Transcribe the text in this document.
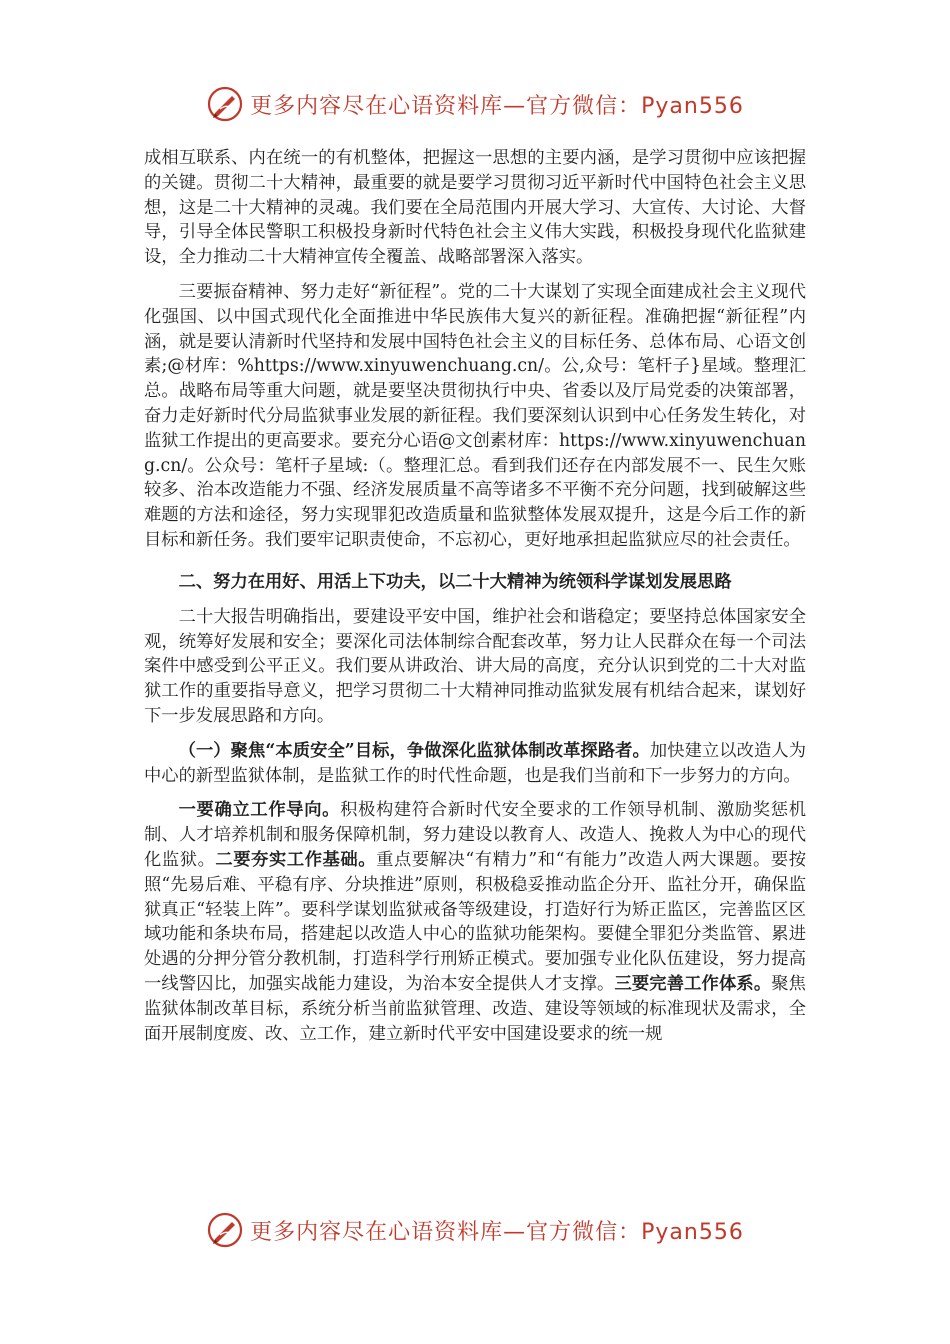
更多内容尽在心语资料库—官方微信：Pyan556

成相互联系、内在统一的有机整体，把握这一思想的主要内涵，是学习贯彻中应该把握的关键。贯彻二十大精神，最重要的就是要学习贯彻习近平新时代中国特色社会主义思想，这是二十大精神的灵魂。我们要在全局范围内开展大学习、大宣传、大讨论、大督导，引导全体民警职工积极投身新时代特色社会主义伟大实践，积极投身现代化监狱建设，全力推动二十大精神宣传全覆盖、战略部署深入落实。

三要振奋精神、努力走好“新征程”。党的二十大谋划了实现全面建成社会主义现代化强国、以中国式现代化全面推进中华民族伟大复兴的新征程。准确把握“新征程”内涵，就是要认清新时代坚持和发展中国特色社会主义的目标任务、总体布局、心语文创素;@材库：%https://www.xinyuwenchuang.cn/。公,众号：笔杆子}星域。整理汇总。战略布局等重大问题，就是要坚决贯彻执行中央、省委以及厅局党委的决策部署，奋力走好新时代分局监狱事业发展的新征程。我们要深刻认识到中心任务发生转化，对监狱工作提出的更高要求。要充分心语@文创素材库：https://www.xinyuwenchuang.cn/。公众号：笔杆子星域:（。整理汇总。看到我们还存在内部发展不一、民生欠账较多、治本改造能力不强、经济发展质量不高等诸多不平衡不充分问题，找到破解这些难题的方法和途径，努力实现罪犯改造质量和监狱整体发展双提升，这是今后工作的新目标和新任务。我们要牢记职责使命，不忘初心，更好地承担起监狱应尽的社会责任。

二、努力在用好、用活上下功夫，以二十大精神为统领科学谋划发展思路

二十大报告明确指出，要建设平安中国，维护社会和谐稳定；要坚持总体国家安全观，统筹好发展和安全；要深化司法体制综合配套改革，努力让人民群众在每一个司法案件中感受到公平正义。我们要从讲政治、讲大局的高度，充分认识到党的二十大对监狱工作的重要指导意义，把学习贯彻二十大精神同推动监狱发展有机结合起来，谋划好下一步发展思路和方向。

（一）聚焦“本质安全”目标，争做深化监狱体制改革探路者。加快建立以改造人为中心的新型监狱体制，是监狱工作的时代性命题，也是我们当前和下一步努力的方向。

一要确立工作导向。积极构建符合新时代安全要求的工作领导机制、激励奖惩机制、人才培养机制和服务保障机制，努力建设以教育人、改造人、挽救人为中心的现代化监狱。二要夯实工作基础。重点要解决“有精力”和“有能力”改造人两大课题。要按照“先易后难、平稳有序、分块推进”原则，积极稳妥推动监企分开、监社分开，确保监狱真正“轻装上阵”。要科学谋划监狱戒备等级建设，打造好行为矫正监区，完善监区区域功能和条块布局，搭建起以改造人中心的监狱功能架构。要健全罪犯分类监管、累进处遇的分押分管分教机制，打造科学行刑矫正模式。要加强专业化队伍建设，努力提高一线警囚比，加强实战能力建设，为治本安全提供人才支撑。三要完善工作体系。聚焦监狱体制改革目标，系统分析当前监狱管理、改造、建设等领域的标准现状及需求，全面开展制度废、改、立工作，建立新时代平安中国建设要求的统一规

更多内容尽在心语资料库—官方微信：Pyan556
